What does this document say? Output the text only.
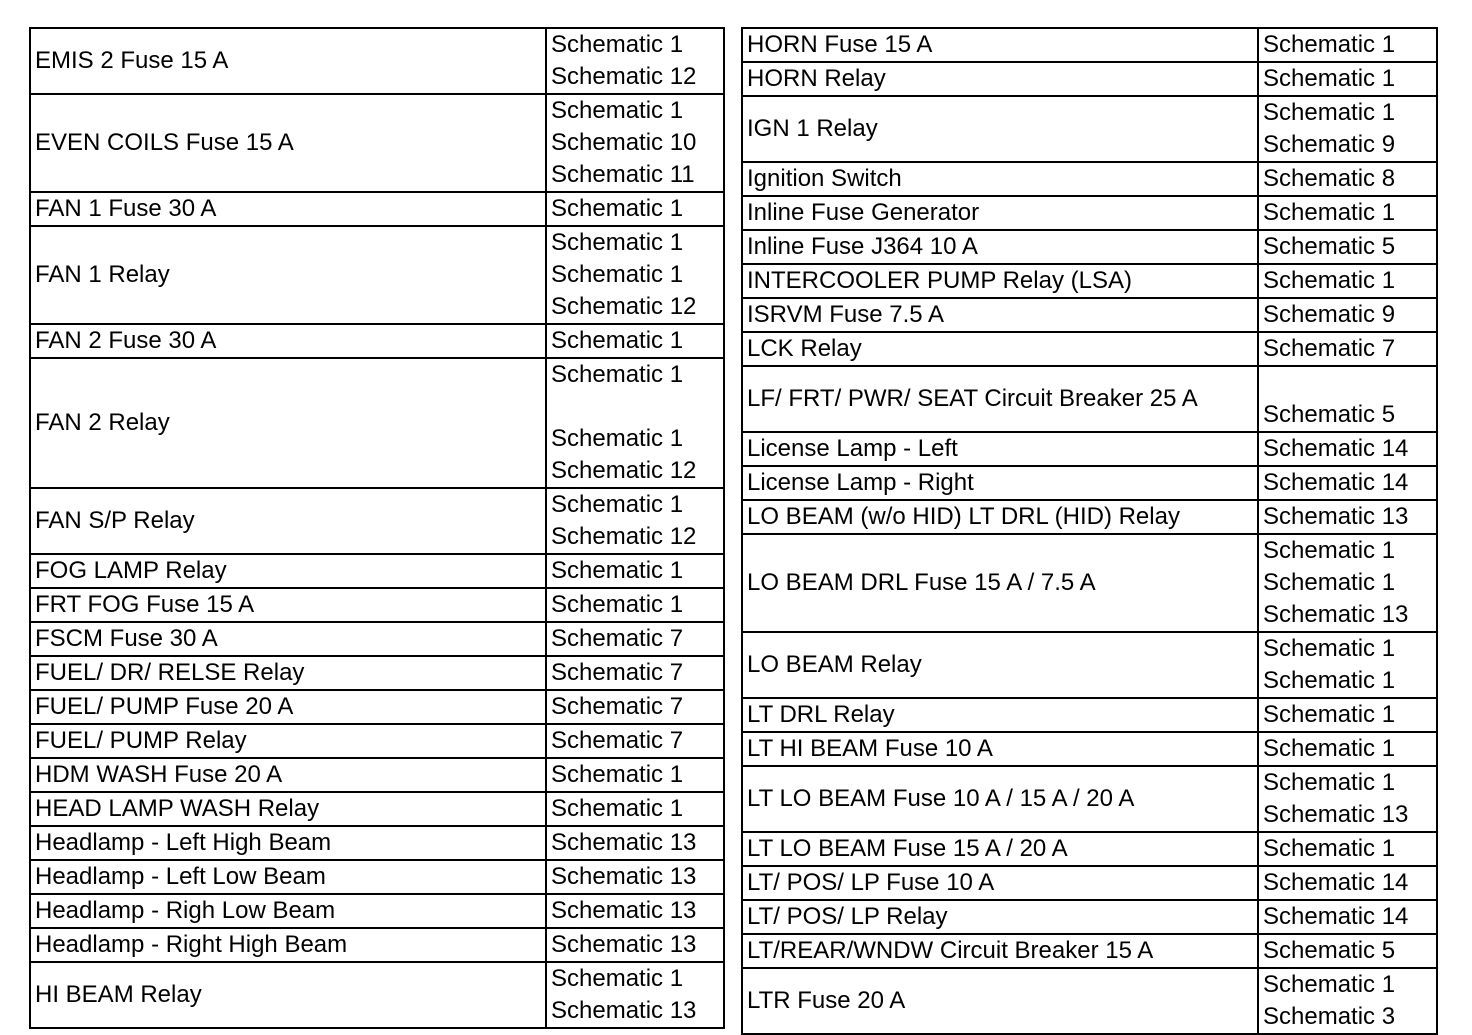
EMIS 2 Fuse 15 A	Schematic 1
Schematic 12

EVEN COILS Fuse 15 A	Schematic 1
Schematic 10
Schematic 11

FAN 1 Fuse 30 A	Schematic 1

FAN 1 Relay	Schematic 1
Schematic 1
Schematic 12

FAN 2 Fuse 30 A	Schematic 1

FAN 2 Relay	Schematic 1
Schematic 1
Schematic 12

FAN S/P Relay	Schematic 1
Schematic 12

FOG LAMP Relay	Schematic 1

FRT FOG Fuse 15 A	Schematic 1

FSCM Fuse 30 A	Schematic 7

FUEL/ DR/ RELSE Relay	Schematic 7

FUEL/ PUMP Fuse 20 A	Schematic 7

FUEL/ PUMP Relay	Schematic 7

HDM WASH Fuse 20 A	Schematic 1

HEAD LAMP WASH Relay	Schematic 1

Headlamp - Left High Beam	Schematic 13

Headlamp - Left Low Beam	Schematic 13

Headlamp - Righ Low Beam	Schematic 13

Headlamp - Right High Beam	Schematic 13

HI BEAM Relay	Schematic 1
Schematic 13
HORN Fuse 15 A	Schematic 1

HORN Relay	Schematic 1

IGN 1 Relay	Schematic 1
Schematic 9

Ignition Switch	Schematic 8

Inline Fuse Generator	Schematic 1

Inline Fuse J364 10 A	Schematic 5

INTERCOOLER PUMP Relay (LSA)	Schematic 1

ISRVM Fuse 7.5 A	Schematic 9

LCK Relay	Schematic 7

LF/ FRT/ PWR/ SEAT Circuit Breaker 25 A	Schematic 5

License Lamp - Left	Schematic 14

License Lamp - Right	Schematic 14

LO BEAM (w/o HID) LT DRL (HID) Relay	Schematic 13

LO BEAM DRL Fuse 15 A / 7.5 A	Schematic 1
Schematic 1
Schematic 13

LO BEAM Relay	Schematic 1
Schematic 1

LT DRL Relay	Schematic 1

LT HI BEAM Fuse 10 A	Schematic 1

LT LO BEAM Fuse 10 A / 15 A / 20 A	Schematic 1
Schematic 13

LT LO BEAM Fuse 15 A / 20 A	Schematic 1

LT/ POS/ LP Fuse 10 A	Schematic 14

LT/ POS/ LP Relay	Schematic 14

LT/REAR/WNDW Circuit Breaker 15 A	Schematic 5

LTR Fuse 20 A	Schematic 1
Schematic 3
